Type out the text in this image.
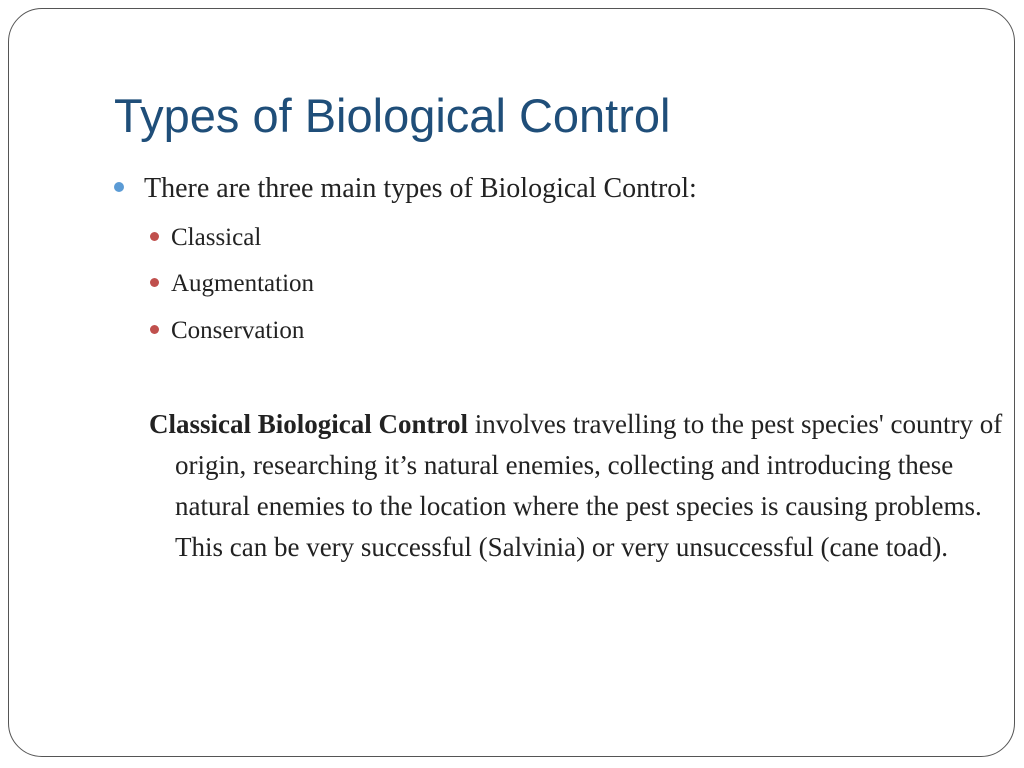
Types of Biological Control
There are three main types of Biological Control:
Classical
Augmentation
Conservation

Classical Biological Control involves travelling to the pest species' country of origin, researching it’s natural enemies, collecting and introducing these natural enemies to the location where the pest species is causing problems. This can be very successful (Salvinia) or very unsuccessful (cane toad).
